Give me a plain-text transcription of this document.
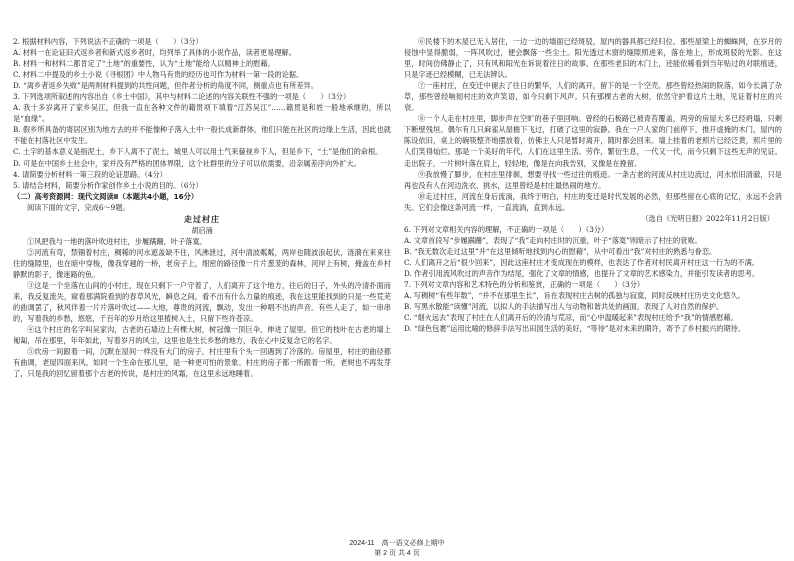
2. 根据材料内容，下列说法不正确的一项是（　　）（3分）

A. 材料一在论证旧式返乡者和新式返乡者时，均列举了具体的小说作品，读者更易理解。

B. 材料一和材料二都肯定了“土地”的重要性，认为“土地”能给人以精神上的慰藉。

C. 材料二中提及的乡土小说《寻根团》中人物马有贵的经历也可作为材料一第一段的论据。

D. “离乡者返乡失败”是两则材料提到的共性问题，但作者分析的角度不同，侧重点也有所差异。

3. 下列选项所叙述的内容出自《乡土中国》，其中与材料二论述的内容关联性不强的一项是（　　）（3分）

A. 我十多岁离开了家乡吴江，但我一直在各种文件的籍贯项下填着“江苏吴江”……籍贯是和姓一般地承继的，所以是“血缘”。

B. 假乡所具备的寄居区别为地方去的并不能像种子落入土中一般长成新群体，他们只能在社区的边缘上生活，因此也就不能在村落社区中发生。

C. 土字的基本意义是指泥土，乡下人离不了泥土，城里人可以用土气来藐视乡下人，但是乡下，“土”是他们的命根。

D. 可是在中国乡土社会中，家并没有严格的团体界限，这个社群里的分子可以依需要，沿亲属差序向外扩大。

4. 请简要分析材料一第三段的论证思路。（4分）

5. 请结合材料，简要分析作家创作乡土小说的目的。（6分）

（二）高考资源网：现代文阅读Ⅱ（本题共4小题，16分）

阅读下面的文字，完成6～9题。

走过村庄

胡启涌

①风把我与一地的落叶吹进村庄，步履蹒跚，叶子落寞。

②河流有弯，禁锢着村庄，稠稀的河水遮盖缺不住，风沸泄过，河中清波粼粼，两岸也随波浪起伏，涟漪在来来往往的缝隙里，也在暗中穿梭，像我穿越的一桥，老房子上，细密的路径像一片片葱茏的森林，河岸上有树，掩盖在乡村静默的影子，像迷路的鱼。

③这是一个坐落在山间的小村庄，现在只剩下一户守着了，人们离开了这个地方，往后的日子，外头的冷清扑面而来，我反复流失，窥看那满院看到的春草风光，瞬息之间，看不出有什么力量的痕迹，我在这里能找到的只是一些荒芜的曲调罢了，秋风伴着一片片落叶吹过——大地，尊贵的河流，飘动，发出一种唱不出的声音。有些人走了，如一串串的，写着我的乡愁，悠悠，千百年的岁月给这里植树入土，只留下些许苍凉。

④这个村庄的名字叫吴家沟，古老的石墙边上有棵大树，树冠像一顶巨伞，伸进了屋里。但它的枝叶在古老的墙上匍匐，吊在那里，年年如此，写着岁月的风尘，这里也是生长乡愁的地方，我在心中反复念它的名字。

⑤炊房一间跟着一间，沉默在屋间一样没有大门的房子，村庄里有个头一回遇到了冷落的。房屋里，村庄的曲径都有曲调，老屋四面来风，如同一个生命在那儿里，是一种更可怕的景象。村庄的房子都一所跟着一所，老树也不再发芽了，只是我的回忆留着那个古老的传说，是村庄的风霜，在这里永远地睡着。

⑥民楼下的木屋已无人居住，一边一边的墙面已经斑驳，屋内的器具都已经归位。那些屋梁上的蜘蛛网，在岁月的侵蚀中显得脆弱，一阵风吹过，便会飘落一些尘土。阳光透过木窗的缝隙照进来，落在地上，形成斑驳的光影。在这里，时间仿佛静止了，只有风和阳光在诉说着往日的故事。在那些老旧的木门上，还能依稀看到当年贴过的对联痕迹，只是字迹已经模糊，已无法辨认。

⑦一座村庄，在变迁中褪去了往日的繁华，人们的离开，留下的是一个空壳。那些曾经热闹的院落，如今长满了杂草，那些曾经响彻村庄的欢声笑语，如今只剩下风声。只有那棵古老的大树，依然守护着这片土地，见证着村庄的兴衰。

⑧一个人走在村庄里，脚步声在空旷的巷子里回响。曾经的石板路已被青苔覆盖，两旁的房屋大多已经坍塌，只剩下断壁残垣。偶尔有几只麻雀从屋檐下飞过，打破了这里的寂静。我在一户人家的门前停下，推开虚掩的木门，屋内的陈设依旧，桌上的碗筷整齐地摆放着，仿佛主人只是暂时离开，随时都会回来。墙上挂着的老照片已经泛黄，照片里的人们笑得灿烂。那是一个美好的年代，人们在这里生活、劳作，繁衍生息，一代又一代，而今只剩下这些无声的见证。走出院子，一片树叶落在肩上，轻轻地，像是在向我告别，又像是在挽留。

⑨我放慢了脚步，在村庄里徘徊，想要寻找一些过往的痕迹。一条古老的河流从村庄边流过，河水依旧清澈，只是再也没有人在河边洗衣、挑水，这里曾经是村庄最热闹的地方。

⑩走过村庄，河流在身后流淌，我终于明白，村庄的变迁是时代发展的必然，但那些留在心底的记忆，永远不会消失。它们会像这条河流一样，一直流淌，直到永远。

（选自《光明日报》2022年11月2日版）

6. 下列对文章相关内容的理解，不正确的一项是（　　）（3分）

A. 文章首段写“步履蹒跚”，表现了“我”走向村庄时的沉重，叶子“落寞”则暗示了村庄的衰败。

B. “我无数次走过这里”并“在这里倾听地找到内心的慰藉”，从中可看出“我”对村庄的熟悉与眷恋。

C. 人们离开之后“很少回来”，因此这座村庄才变成现在的模样，也表达了作者对村民离开村庄这一行为的不满。

D. 作者引用流风吹过的声音作为结尾，强化了文章的情感，也提升了文章的艺术感染力，并能引发读者的思考。

7. 下列对文章内容和艺术特色的分析和鉴赏，正确的一项是（　　）（3分）

A. 写稠树“有些年数”，“并不在那里生长”，旨在表现村庄古树的孤独与寂寞，同时反映村庄历史文化悠久。

B. 写黑水散能“读懂”河流，以拟人的手法描写出人与动物和谐共处的画面，表现了人对自然的保护。

C. “烟火远去”表现了村庄在人们离开后的冷清与荒凉，而“心中温暖起来”表现村庄给予“我”的情感慰藉。

D. “绿色包裹”运用比喻的修辞手法写出田园生活的美好，“等待”是对未来的期许，寄予了乡村振兴的期待。

2024-11　高一语文必修上期中
第 2 页 共 4 页
